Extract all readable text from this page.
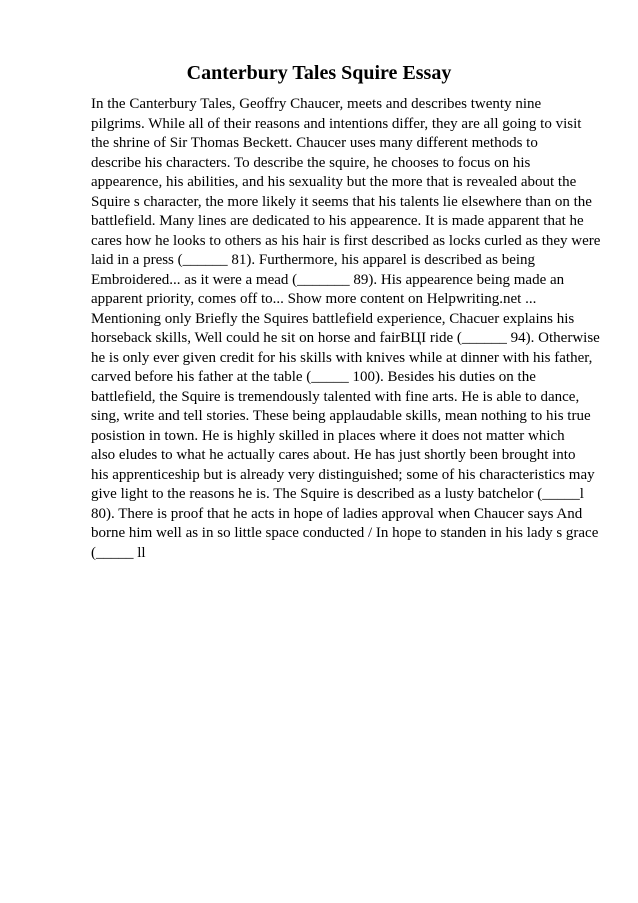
Canterbury Tales Squire Essay
In the Canterbury Tales, Geoffry Chaucer, meets and describes twenty nine
pilgrims. While all of their reasons and intentions differ, they are all going to visit
the shrine of Sir Thomas Beckett. Chaucer uses many different methods to
describe his characters. To describe the squire, he chooses to focus on his
appearence, his abilities, and his sexuality but the more that is revealed about the
Squire s character, the more likely it seems that his talents lie elsewhere than on the
battlefield. Many lines are dedicated to his appearence. It is made apparent that he
cares how he looks to others as his hair is first described as locks curled as they were
laid in a press (______ 81). Furthermore, his apparel is described as being
Embroidered... as it were a mead (_______ 89). His appearence being made an
apparent priority, comes off to... Show more content on Helpwriting.net ...
Mentioning only Briefly the Squires battlefield experience, Chacuer explains his
horseback skills, Well could he sit on horse and fairВЦI ride (______ 94). Otherwise
he is only ever given credit for his skills with knives while at dinner with his father,
carved before his father at the table (_____ 100). Besides his duties on the
battlefield, the Squire is tremendously talented with fine arts. He is able to dance,
sing, write and tell stories. These being applaudable skills, mean nothing to his true
posistion in town. He is highly skilled in places where it does not matter which
also eludes to what he actually cares about. He has just shortly been brought into
his apprenticeship but is already very distinguished; some of his characteristics may
give light to the reasons he is. The Squire is described as a lusty batchelor (_____l
80). There is proof that he acts in hope of ladies approval when Chaucer says And
borne him well as in so little space conducted / In hope to standen in his lady s grace
(_____ ll
